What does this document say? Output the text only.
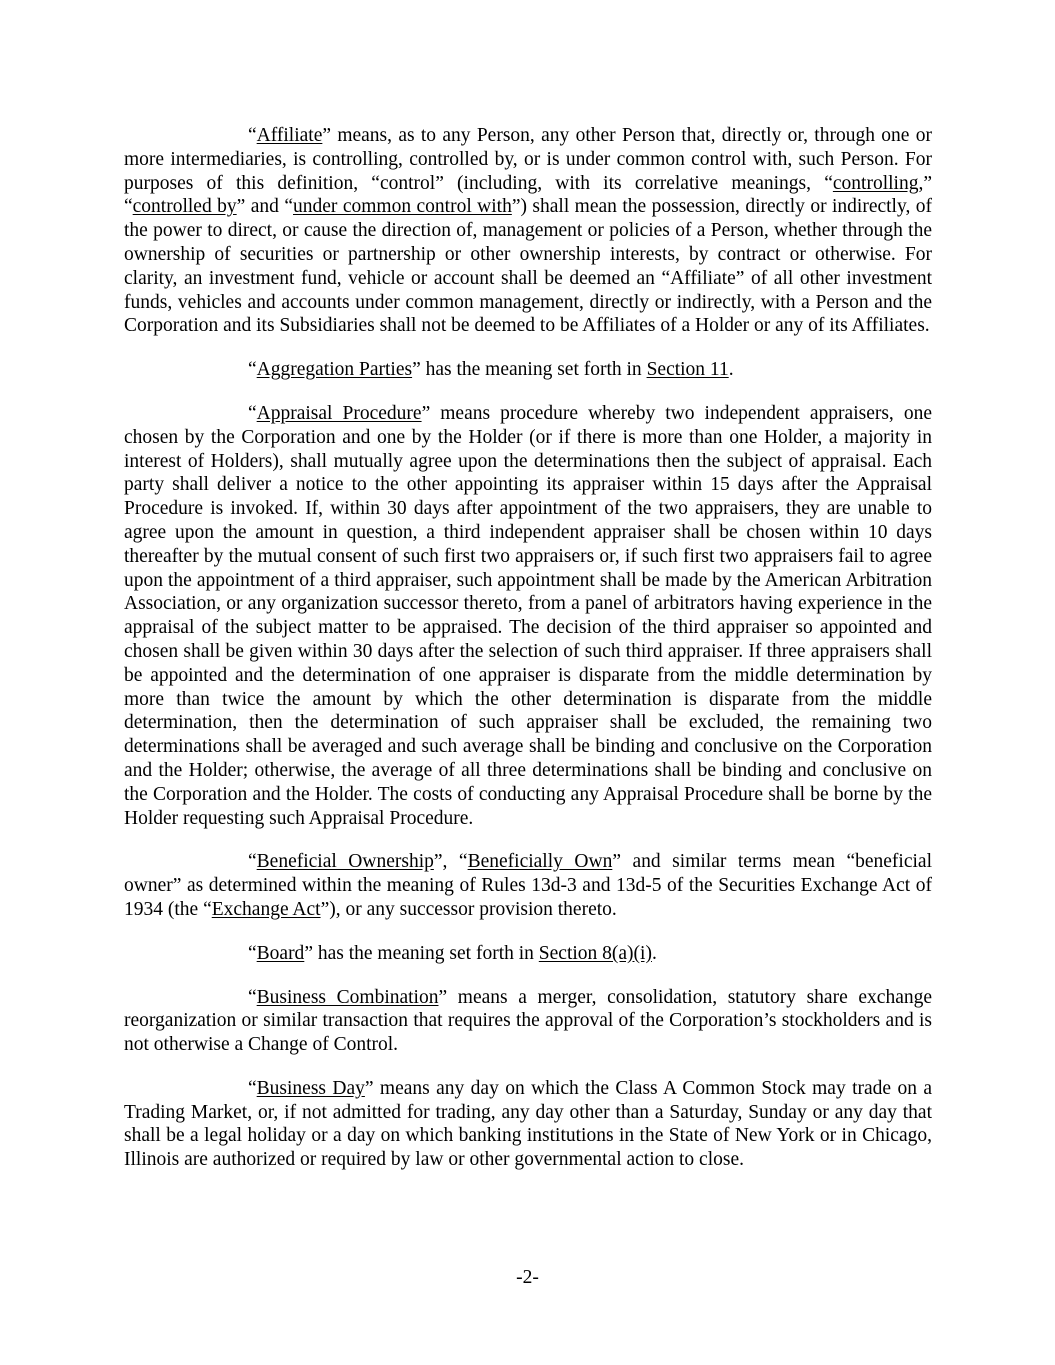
“Affiliate” means, as to any Person, any other Person that, directly or, through one or more intermediaries, is controlling, controlled by, or is under common control with, such Person. For purposes of this definition, “control” (including, with its correlative meanings, “controlling,” “controlled by” and “under common control with”) shall mean the possession, directly or indirectly, of the power to direct, or cause the direction of, management or policies of a Person, whether through the ownership of securities or partnership or other ownership interests, by contract or otherwise. For clarity, an investment fund, vehicle or account shall be deemed an “Affiliate” of all other investment funds, vehicles and accounts under common management, directly or indirectly, with a Person and the Corporation and its Subsidiaries shall not be deemed to be Affiliates of a Holder or any of its Affiliates.

“Aggregation Parties” has the meaning set forth in Section 11.

“Appraisal Procedure” means procedure whereby two independent appraisers, one chosen by the Corporation and one by the Holder (or if there is more than one Holder, a majority in interest of Holders), shall mutually agree upon the determinations then the subject of appraisal. Each party shall deliver a notice to the other appointing its appraiser within 15 days after the Appraisal Procedure is invoked. If, within 30 days after appointment of the two appraisers, they are unable to agree upon the amount in question, a third independent appraiser shall be chosen within 10 days thereafter by the mutual consent of such first two appraisers or, if such first two appraisers fail to agree upon the appointment of a third appraiser, such appointment shall be made by the American Arbitration Association, or any organization successor thereto, from a panel of arbitrators having experience in the appraisal of the subject matter to be appraised. The decision of the third appraiser so appointed and chosen shall be given within 30 days after the selection of such third appraiser. If three appraisers shall be appointed and the determination of one appraiser is disparate from the middle determination by more than twice the amount by which the other determination is disparate from the middle determination, then the determination of such appraiser shall be excluded, the remaining two determinations shall be averaged and such average shall be binding and conclusive on the Corporation and the Holder; otherwise, the average of all three determinations shall be binding and conclusive on the Corporation and the Holder. The costs of conducting any Appraisal Procedure shall be borne by the Holder requesting such Appraisal Procedure.

“Beneficial Ownership”, “Beneficially Own” and similar terms mean “beneficial owner” as determined within the meaning of Rules 13d-3 and 13d-5 of the Securities Exchange Act of 1934 (the “Exchange Act”), or any successor provision thereto.

“Board” has the meaning set forth in Section 8(a)(i).

“Business Combination” means a merger, consolidation, statutory share exchange reorganization or similar transaction that requires the approval of the Corporation’s stockholders and is not otherwise a Change of Control.

“Business Day” means any day on which the Class A Common Stock may trade on a Trading Market, or, if not admitted for trading, any day other than a Saturday, Sunday or any day that shall be a legal holiday or a day on which banking institutions in the State of New York or in Chicago, Illinois are authorized or required by law or other governmental action to close.

-2-
